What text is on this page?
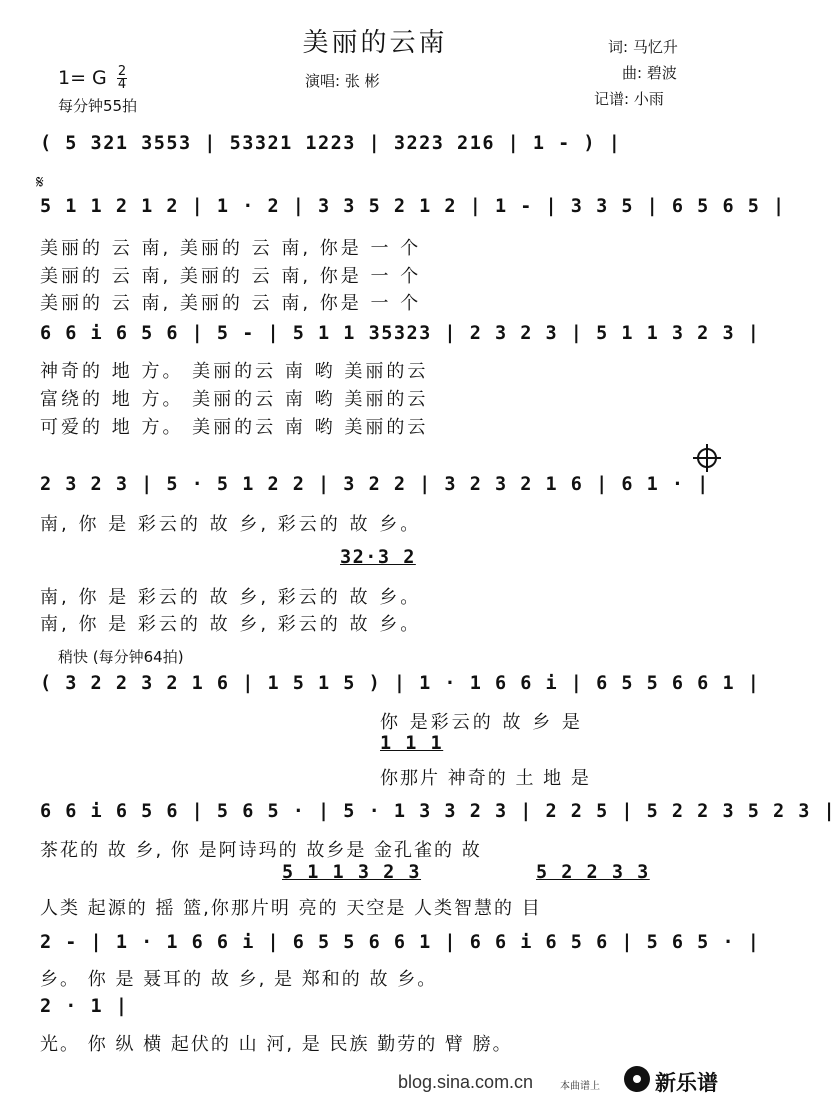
美丽的云南	词: 马忆升
曲: 碧波
记谱: 小雨
演唱: 张 彬
1= G $\frac{2}{4}$
每分钟55拍
( 5 321 3553 | 53321 1223 | 3223 216 | 1 - ) |
𝄋
5 1 1 2 1 2 | 1 · 2 | 3 3 5 2 1 2 | 1 - | 3 3 5 | 6 5 6 5 |
美丽的 云 南, 美丽的 云 南, 你是 一 个
美丽的 云 南, 美丽的 云 南, 你是 一 个
美丽的 云 南, 美丽的 云 南, 你是 一 个
6 6 i 6 5 6 | 5 - | 5 1 1 35323 | 2 3 2 3 | 5 1 1 3 2 3 |
神奇的 地 方。 美丽的云 南 哟 美丽的云
富绕的 地 方。 美丽的云 南 哟 美丽的云
可爱的 地 方。 美丽的云 南 哟 美丽的云
2 3 2 3 | 5 · 5 1 2 2 | 3 2 2 | 3 2 3 2 1 6 | 6 1 · |
南, 你 是 彩云的 故 乡, 彩云的 故 乡。
32·3 2
南, 你 是 彩云的 故 乡, 彩云的 故 乡。
南, 你 是 彩云的 故 乡, 彩云的 故 乡。
稍快 (每分钟64拍)
( 3 2 2 3 2 1 6 | 1 5 1 5 ) | 1 · 1 6 6 i | 6 5 5 6 6 1 |
你 是彩云的 故 乡 是
1 1 1
你那片 神奇的 土 地 是
6 6 i 6 5 6 | 5 6 5 · | 5 · 1 3 3 2 3 | 2 2 5 | 5 2 2 3 5 2 3 |
茶花的 故 乡, 你 是阿诗玛的 故乡是 金孔雀的 故
5 1 1 3 2 3	5 2 2 3 3
人类 起源的 摇 篮,你那片明 亮的 天空是 人类智慧的 目
2 - | 1 · 1 6 6 i | 6 5 5 6 6 1 | 6 6 i 6 5 6 | 5 6 5 · |
乡。 你 是 聂耳的 故 乡, 是 郑和的 故 乡。
2 · 1 |
光。 你 纵 横 起伏的 山 河, 是 民族 勤劳的 臂 膀。
blog.sina.com.cn	本曲谱上	新乐谱
